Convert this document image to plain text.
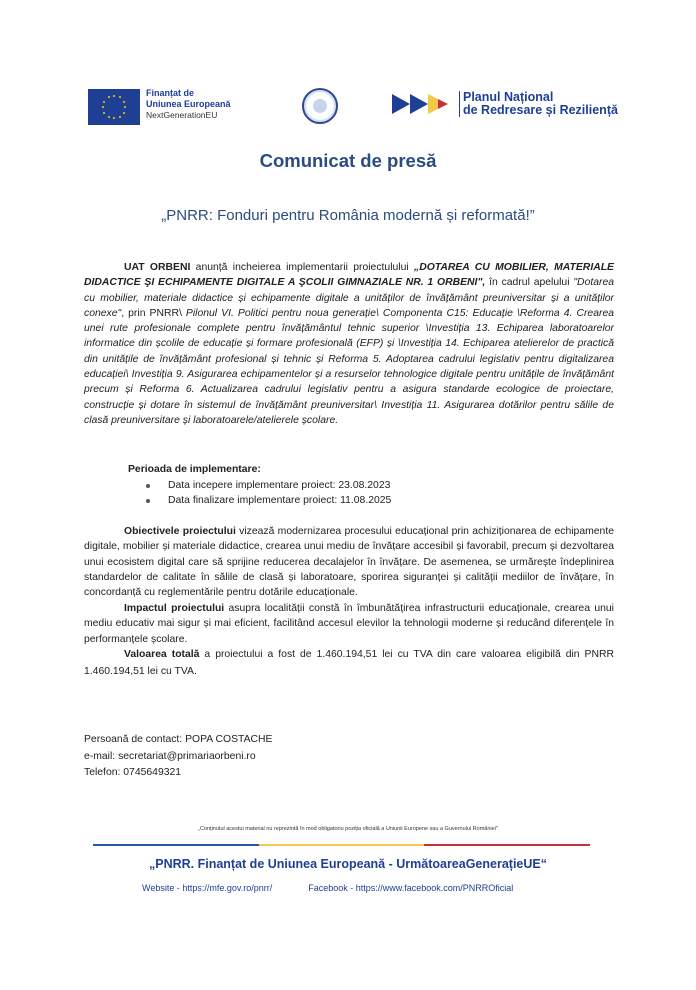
Finanțat de
Uniunea Europeană
NextGenerationEU
Planul Național
de Redresare și Reziliență
Comunicat de presă
„PNRR: Fonduri pentru România modernă și reformată!”
UAT ORBENI anunță incheierea implementarii proiectulului „DOTAREA CU MOBILIER, MATERIALE DIDACTICE ŞI ECHIPAMENTE DIGITALE A ŞCOLII GIMNAZIALE NR. 1 ORBENI", în cadrul apelului "Dotarea cu mobilier, materiale didactice și echipamente digitale a unităților de învățământ preuniversitar și a unităților conexe", prin PNRR\ Pilonul VI. Politici pentru noua generație\ Componenta C15: Educație \Reforma 4. Crearea unei rute profesionale complete pentru învățământul tehnic superior \Investiția 13. Echiparea laboratoarelor informatice din școlile de educație și formare profesională (EFP) și \Investiția 14. Echiparea atelierelor de practică din unitățile de învățământ profesional și tehnic și Reforma 5. Adoptarea cadrului legislativ pentru digitalizarea educației\ Investiția 9. Asigurarea echipamentelor și a resurselor tehnologice digitale pentru unitățile de învățământ precum și Reforma 6. Actualizarea cadrului legislativ pentru a asigura standarde ecologice de proiectare, construcție și dotare în sistemul de învățământ preuniversitar\ Investiția 11. Asigurarea dotărilor pentru sălile de clasă preuniversitare și laboratoarele/atelierele școlare.
Perioada de implementare:
Data incepere implementare proiect: 23.08.2023
Data finalizare implementare proiect: 11.08.2025
Obiectivele proiectului vizează modernizarea procesului educațional prin achiziționarea de echipamente digitale, mobilier și materiale didactice, crearea unui mediu de învățare accesibil și favorabil, precum și dezvoltarea unui ecosistem digital care să sprijine reducerea decalajelor în învățare. De asemenea, se urmărește îndeplinirea standardelor de calitate în sălile de clasă și laboratoare, sporirea siguranței și calității mediilor de învățare, în concordanță cu reglementările pentru dotările educaționale.
Impactul proiectului asupra localității constă în îmbunătățirea infrastructurii educaționale, crearea unui mediu educativ mai sigur și mai eficient, facilitând accesul elevilor la tehnologii moderne și reducând diferențele în performanțele școlare.
Valoarea totală a proiectului a fost de 1.460.194,51 lei cu TVA din care valoarea eligibilă din PNRR 1.460.194,51 lei cu TVA.
Persoană de contact: POPA COSTACHE
e-mail: secretariat@primariaorbeni.ro
Telefon: 0745649321
„Conținutul acestui material nu reprezintă în mod obligatoriu poziția oficială a Uniunii Europene sau a Guvernului României"
„PNRR. Finanțat de Uniunea Europeană - UrmătoareaGenerațieUE“
Website - https://mfe.gov.ro/pnrr/	Facebook - https://www.facebook.com/PNRROficial
